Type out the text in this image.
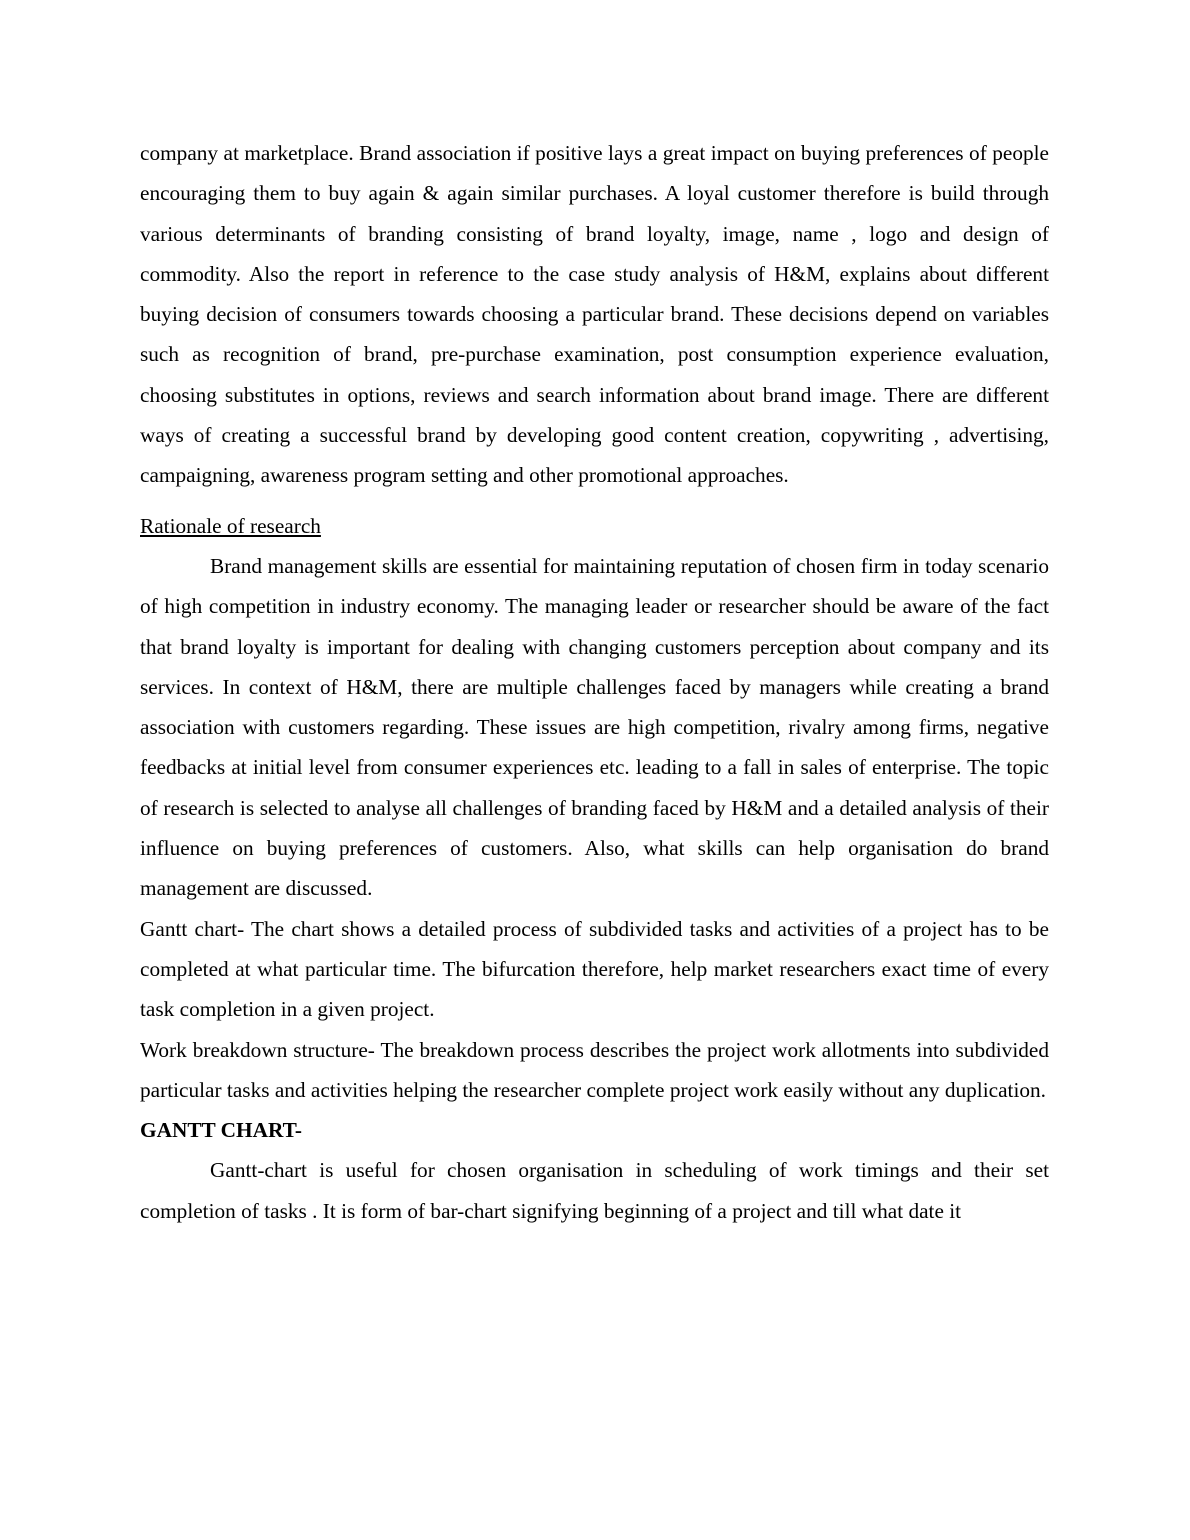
company at marketplace. Brand association if positive lays a great impact on buying preferences of people encouraging them to buy again & again similar purchases. A loyal customer therefore is build through various determinants of branding consisting of brand loyalty, image, name , logo and design of commodity. Also the report in reference to the case study analysis of H&M, explains about different buying decision of consumers towards choosing a particular brand. These decisions depend on variables such as recognition of brand, pre-purchase examination, post consumption experience evaluation, choosing substitutes in options, reviews and search information about brand image. There are different ways of creating a successful brand by developing good content creation, copywriting , advertising, campaigning, awareness program setting and other promotional approaches.

Rationale of research

Brand management skills are essential for maintaining reputation of chosen firm in today scenario of high competition in industry economy. The managing leader or researcher should be aware of the fact that brand loyalty is important for dealing with changing customers perception about company and its services. In context of H&M, there are multiple challenges faced by managers while creating a brand association with customers regarding. These issues are high competition, rivalry among firms, negative feedbacks at initial level from consumer experiences etc. leading to a fall in sales of enterprise. The topic of research is selected to analyse all challenges of branding faced by H&M and a detailed analysis of their influence on buying preferences of customers. Also, what skills can help organisation do brand management are discussed.

Gantt chart- The chart shows a detailed process of subdivided tasks and activities of a project has to be completed at what particular time. The bifurcation therefore, help market researchers exact time of every task completion in a given project.

Work breakdown structure- The breakdown process describes the project work allotments into subdivided particular tasks and activities helping the researcher complete project work easily without any duplication.

GANTT CHART-

Gantt-chart is useful for chosen organisation in scheduling of work timings and their set completion of tasks . It is form of bar-chart signifying beginning of a project and till what date it
